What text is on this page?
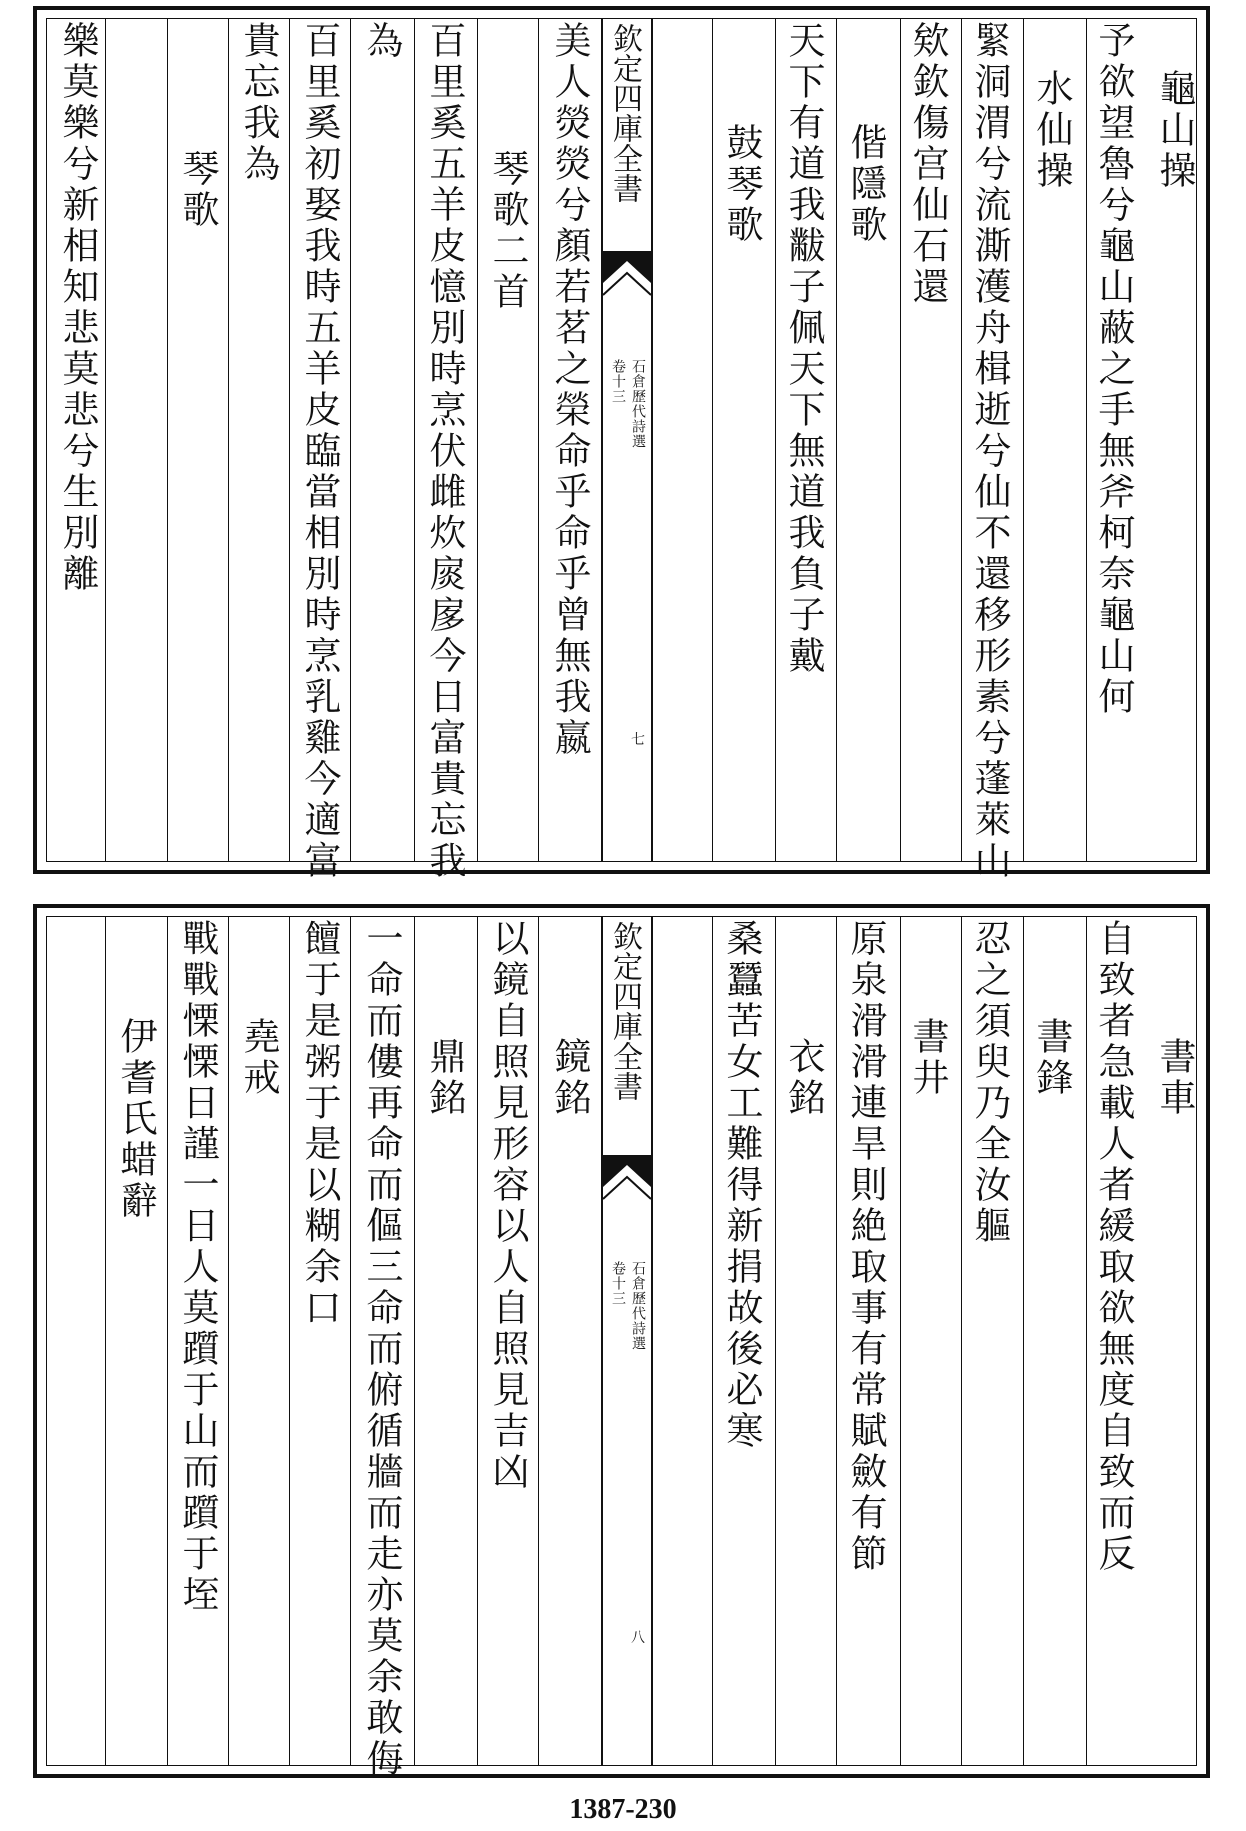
龜山操
予欲望魯兮龜山蔽之手無斧柯奈龜山何
水仙操
緊洞渭兮流澌濩舟楫逝兮仙不還移形素兮蓬萊山
欸欽傷宫仙石還
偕隱歌
天下有道我黻子佩天下無道我負子戴
鼓琴歌
欽定四庫全書
石倉歷代詩選
卷十三
七
美人熒熒兮顏若茗之榮命乎命乎曾無我嬴
琴歌二首
百里奚五羊皮憶別時烹伏雌炊扊扅今日富貴忘我
為
百里奚初娶我時五羊皮臨當相別時烹乳雞今適富
貴忘我為
琴歌
樂莫樂兮新相知悲莫悲兮生別離
書車
自致者急載人者緩取欲無度自致而反
書鋒
忍之須臾乃全汝軀
書井
原泉滑滑連旱則絶取事有常賦斂有節
衣銘
桑蠶苦女工難得新捐故後必寒
欽定四庫全書
石倉歷代詩選
卷十三
八
鏡銘
以鏡自照見形容以人自照見吉凶
鼎銘
一命而僂再命而傴三命而俯循牆而走亦莫余敢侮
饘于是粥于是以糊余口
堯戒
戰戰慄慄日謹一日人莫躓于山而躓于垤
伊耆氏蜡辭
1387-230
